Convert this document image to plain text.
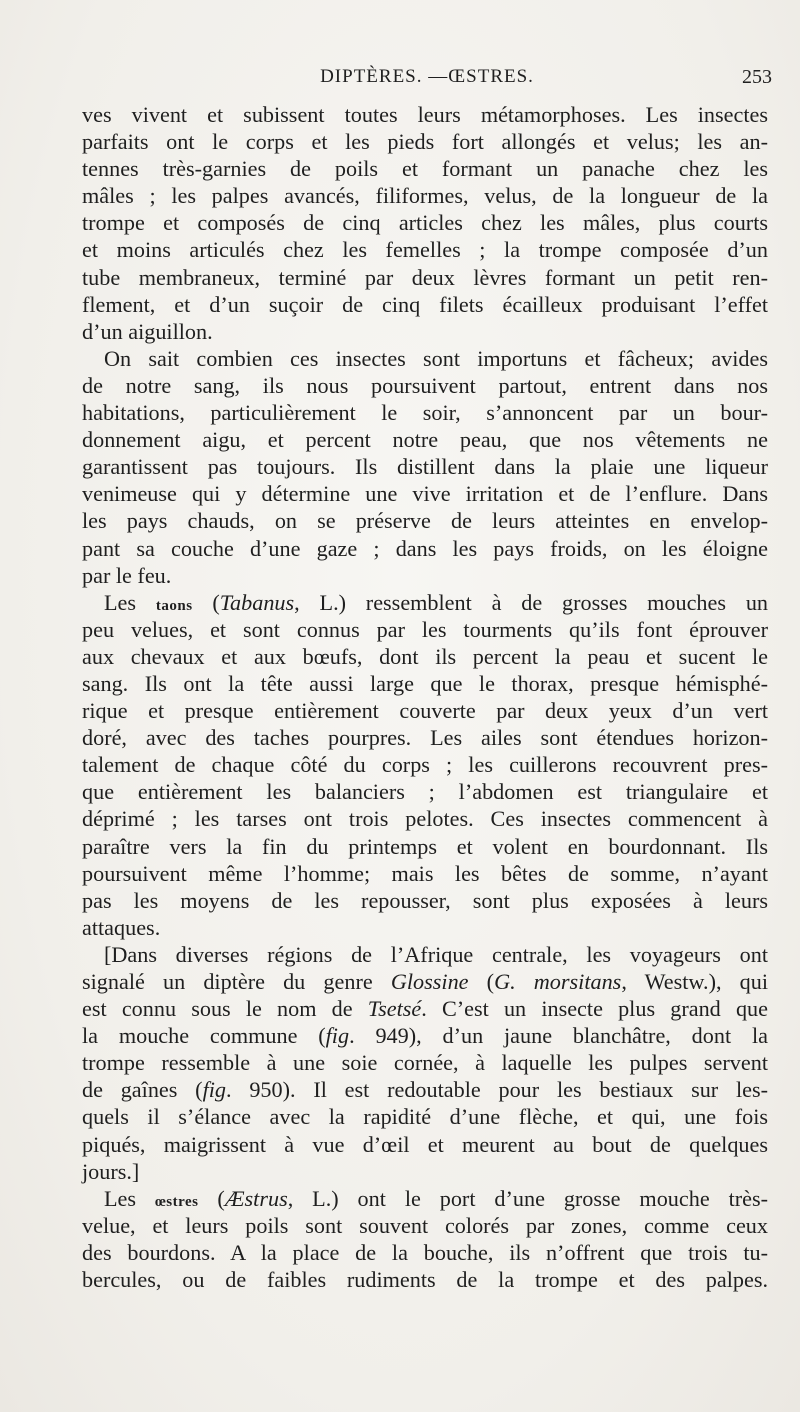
DIPTÈRES. —ŒSTRES.	253
ves vivent et subissent toutes leurs métamorphoses. Les insectes
parfaits ont le corps et les pieds fort allongés et velus; les an-
tennes très-garnies de poils et formant un panache chez les
mâles ; les palpes avancés, filiformes, velus, de la longueur de la
trompe et composés de cinq articles chez les mâles, plus courts
et moins articulés chez les femelles ; la trompe composée d’un
tube membraneux, terminé par deux lèvres formant un petit ren-
flement, et d’un suçoir de cinq filets écailleux produisant l’effet
d’un aiguillon.
On sait combien ces insectes sont importuns et fâcheux; avides
de notre sang, ils nous poursuivent partout, entrent dans nos
habitations, particulièrement le soir, s’annoncent par un bour-
donnement aigu, et percent notre peau, que nos vêtements ne
garantissent pas toujours. Ils distillent dans la plaie une liqueur
venimeuse qui y détermine une vive irritation et de l’enflure. Dans
les pays chauds, on se préserve de leurs atteintes en envelop-
pant sa couche d’une gaze ; dans les pays froids, on les éloigne
par le feu.
Les taons (Tabanus, L.) ressemblent à de grosses mouches un
peu velues, et sont connus par les tourments qu’ils font éprouver
aux chevaux et aux bœufs, dont ils percent la peau et sucent le
sang. Ils ont la tête aussi large que le thorax, presque hémisphé-
rique et presque entièrement couverte par deux yeux d’un vert
doré, avec des taches pourpres. Les ailes sont étendues horizon-
talement de chaque côté du corps ; les cuillerons recouvrent pres-
que entièrement les balanciers ; l’abdomen est triangulaire et
déprimé ; les tarses ont trois pelotes. Ces insectes commencent à
paraître vers la fin du printemps et volent en bourdonnant. Ils
poursuivent même l’homme; mais les bêtes de somme, n’ayant
pas les moyens de les repousser, sont plus exposées à leurs
attaques.
[Dans diverses régions de l’Afrique centrale, les voyageurs ont
signalé un diptère du genre Glossine (G. morsitans, Westw.), qui
est connu sous le nom de Tsetsé. C’est un insecte plus grand que
la mouche commune (fig. 949), d’un jaune blanchâtre, dont la
trompe ressemble à une soie cornée, à laquelle les pulpes servent
de gaînes (fig. 950). Il est redoutable pour les bestiaux sur les-
quels il s’élance avec la rapidité d’une flèche, et qui, une fois
piqués, maigrissent à vue d’œil et meurent au bout de quelques
jours.]
Les œstres (Æstrus, L.) ont le port d’une grosse mouche très-
velue, et leurs poils sont souvent colorés par zones, comme ceux
des bourdons. A la place de la bouche, ils n’offrent que trois tu-
bercules, ou de faibles rudiments de la trompe et des palpes.
